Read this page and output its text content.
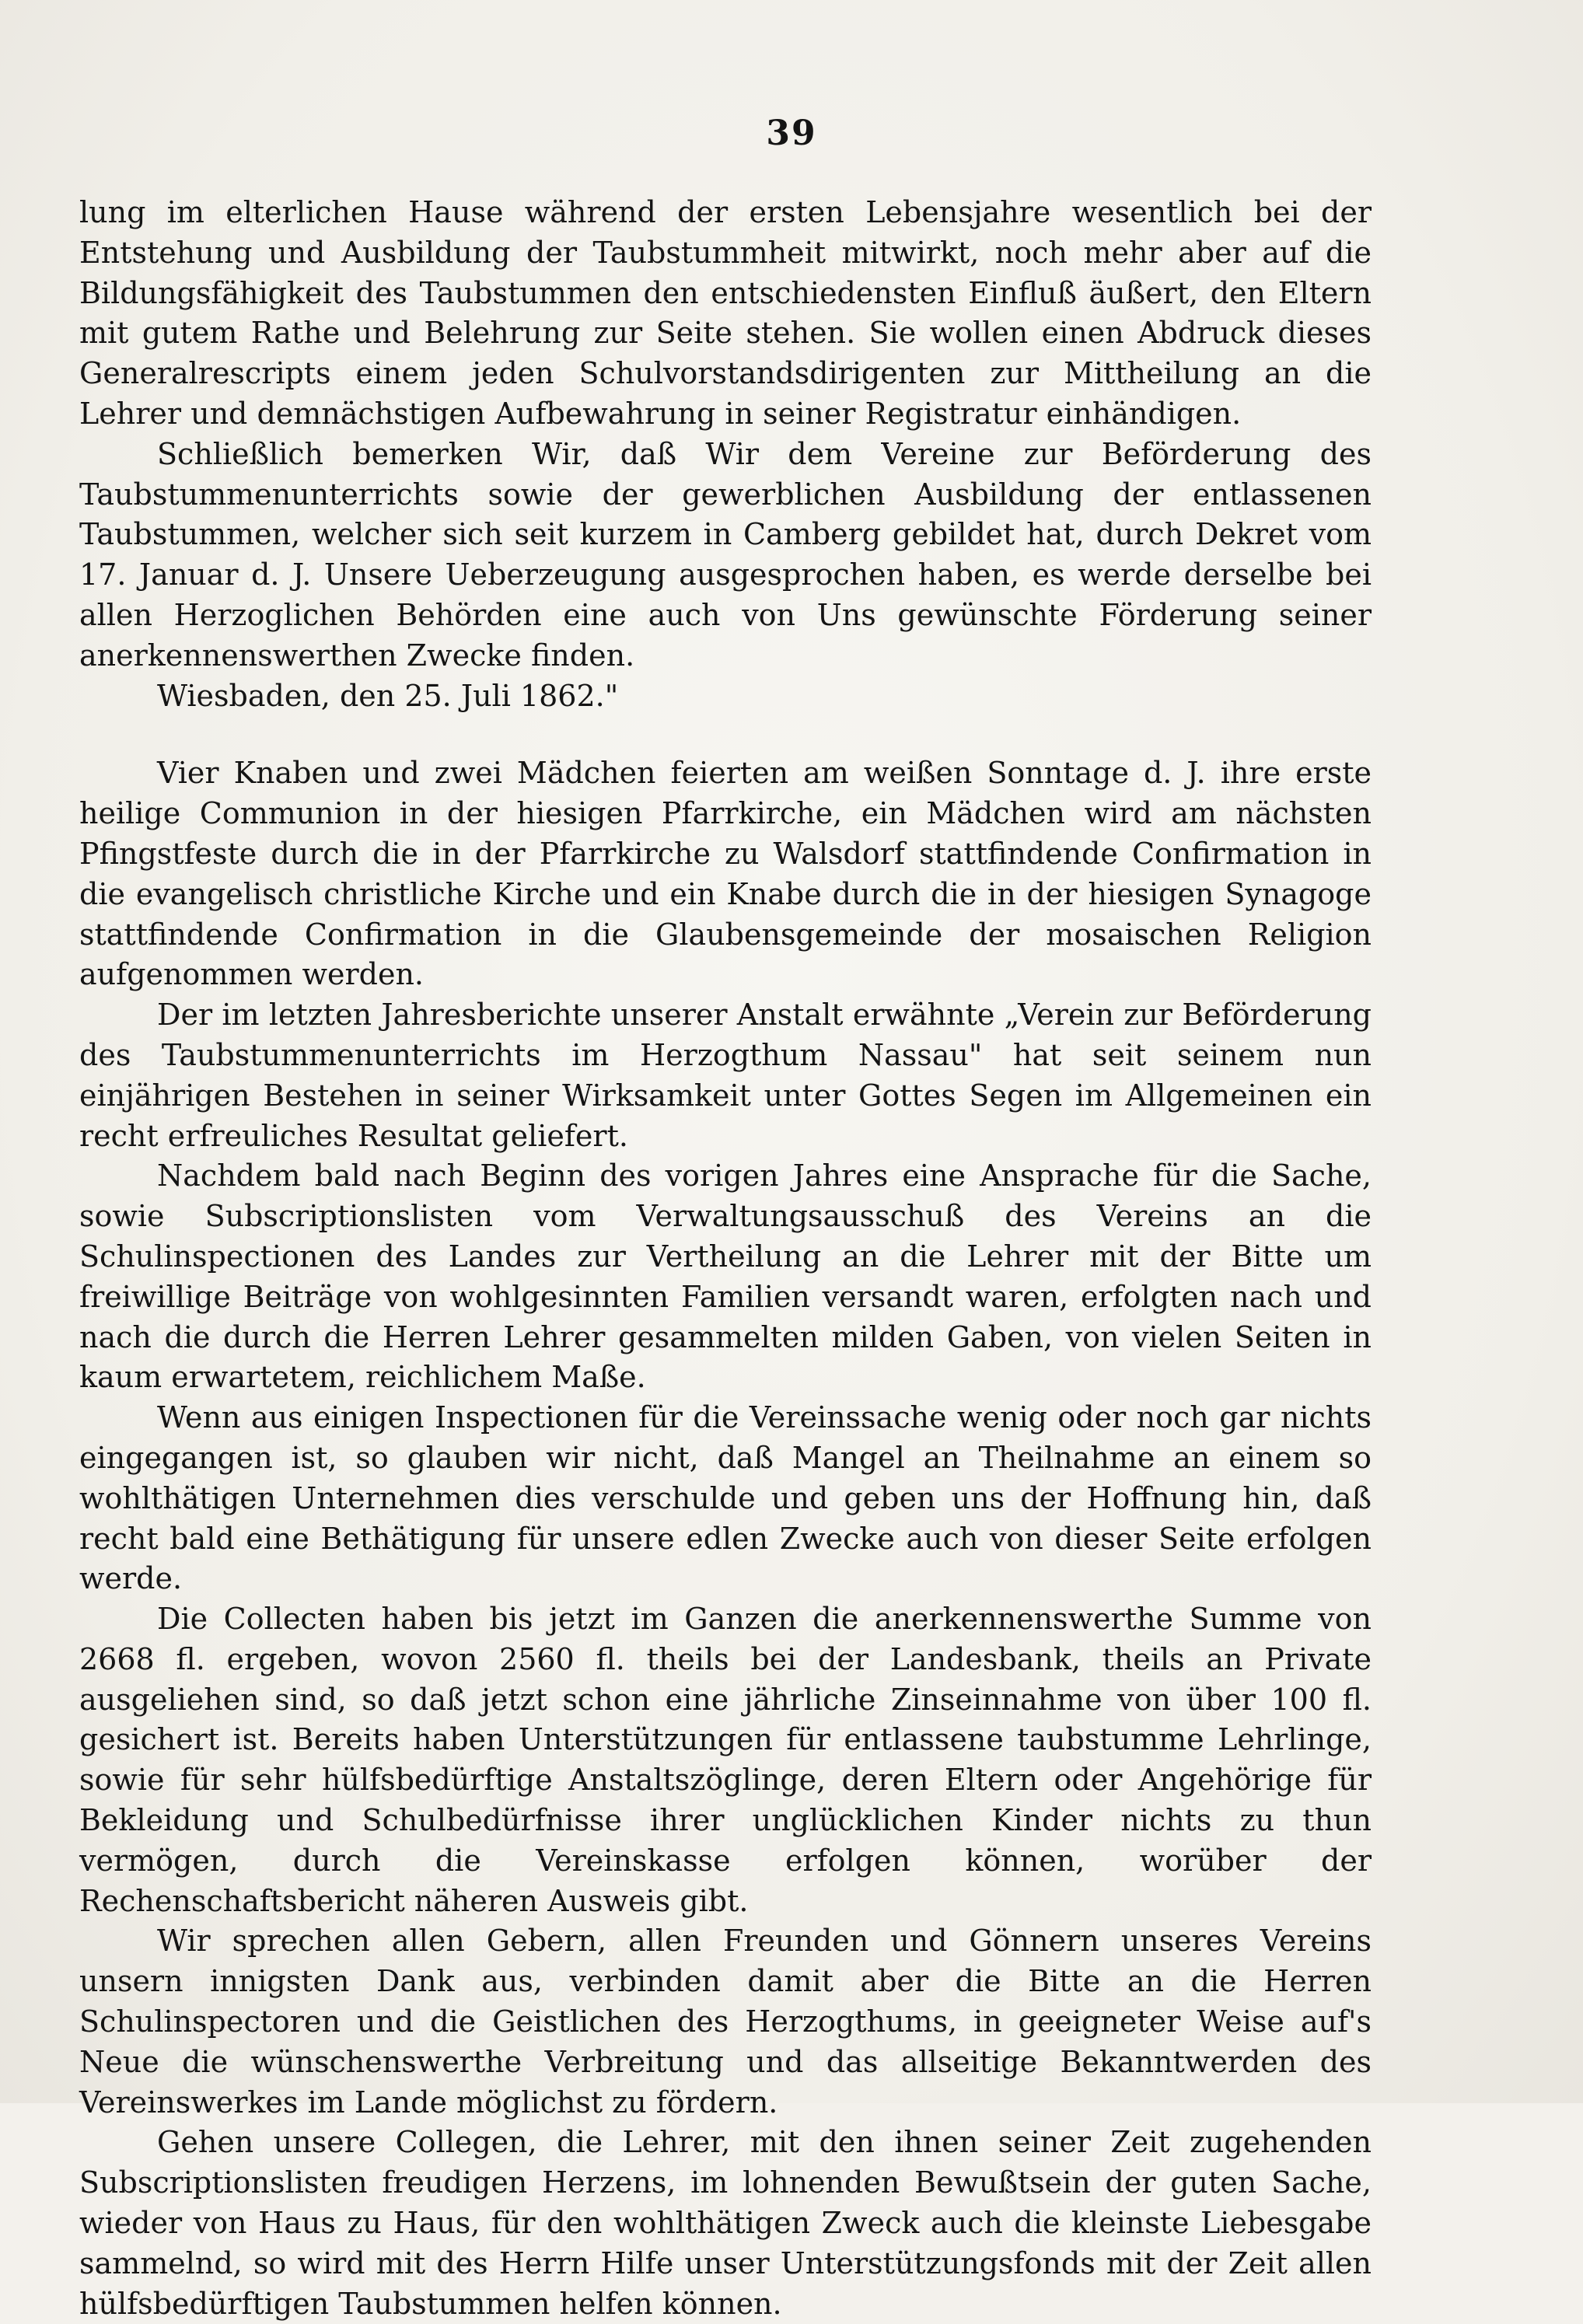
39

lung im elterlichen Hause während der ersten Lebensjahre wesentlich bei der Entstehung und Ausbildung der Taubstummheit mitwirkt, noch mehr aber auf die Bildungsfähigkeit des Taubstummen den entschiedensten Einfluß äußert, den Eltern mit gutem Rathe und Belehrung zur Seite stehen. Sie wollen einen Abdruck dieses Generalrescripts einem jeden Schulvorstandsdirigenten zur Mittheilung an die Lehrer und demnächstigen Aufbewahrung in seiner Registratur einhändigen.

Schließlich bemerken Wir, daß Wir dem Vereine zur Beförderung des Taubstummenunterrichts sowie der gewerblichen Ausbildung der entlassenen Taubstummen, welcher sich seit kurzem in Camberg gebildet hat, durch Dekret vom 17. Januar d. J. Unsere Ueberzeugung ausgesprochen haben, es werde derselbe bei allen Herzoglichen Behörden eine auch von Uns gewünschte Förderung seiner anerkennenswerthen Zwecke finden.

Wiesbaden, den 25. Juli 1862."

Vier Knaben und zwei Mädchen feierten am weißen Sonntage d. J. ihre erste heilige Communion in der hiesigen Pfarrkirche, ein Mädchen wird am nächsten Pfingstfeste durch die in der Pfarrkirche zu Walsdorf stattfindende Confirmation in die evangelisch christliche Kirche und ein Knabe durch die in der hiesigen Synagoge stattfindende Confirmation in die Glaubensgemeinde der mosaischen Religion aufgenommen werden.

Der im letzten Jahresberichte unserer Anstalt erwähnte „Verein zur Beförderung des Taubstummenunterrichts im Herzogthum Nassau" hat seit seinem nun einjährigen Bestehen in seiner Wirksamkeit unter Gottes Segen im Allgemeinen ein recht erfreuliches Resultat geliefert.

Nachdem bald nach Beginn des vorigen Jahres eine Ansprache für die Sache, sowie Subscriptionslisten vom Verwaltungsausschuß des Vereins an die Schulinspectionen des Landes zur Vertheilung an die Lehrer mit der Bitte um freiwillige Beiträge von wohlgesinnten Familien versandt waren, erfolgten nach und nach die durch die Herren Lehrer gesammelten milden Gaben, von vielen Seiten in kaum erwartetem, reichlichem Maße.

Wenn aus einigen Inspectionen für die Vereinssache wenig oder noch gar nichts eingegangen ist, so glauben wir nicht, daß Mangel an Theilnahme an einem so wohlthätigen Unternehmen dies verschulde und geben uns der Hoffnung hin, daß recht bald eine Bethätigung für unsere edlen Zwecke auch von dieser Seite erfolgen werde.

Die Collecten haben bis jetzt im Ganzen die anerkennenswerthe Summe von 2668 fl. ergeben, wovon 2560 fl. theils bei der Landesbank, theils an Private ausgeliehen sind, so daß jetzt schon eine jährliche Zinseinnahme von über 100 fl. gesichert ist. Bereits haben Unterstützungen für entlassene taubstumme Lehrlinge, sowie für sehr hülfsbedürftige Anstaltszöglinge, deren Eltern oder Angehörige für Bekleidung und Schulbedürfnisse ihrer unglücklichen Kinder nichts zu thun vermögen, durch die Vereinskasse erfolgen können, worüber der Rechenschaftsbericht näheren Ausweis gibt.

Wir sprechen allen Gebern, allen Freunden und Gönnern unseres Vereins unsern innigsten Dank aus, verbinden damit aber die Bitte an die Herren Schulinspectoren und die Geistlichen des Herzogthums, in geeigneter Weise auf's Neue die wünschenswerthe Verbreitung und das allseitige Bekanntwerden des Vereinswerkes im Lande möglichst zu fördern.

Gehen unsere Collegen, die Lehrer, mit den ihnen seiner Zeit zugehenden Subscriptionslisten freudigen Herzens, im lohnenden Bewußtsein der guten Sache, wieder von Haus zu Haus, für den wohlthätigen Zweck auch die kleinste Liebesgabe sammelnd, so wird mit des Herrn Hilfe unser Unterstützungsfonds mit der Zeit allen hülfsbedürftigen Taubstummen helfen können.
